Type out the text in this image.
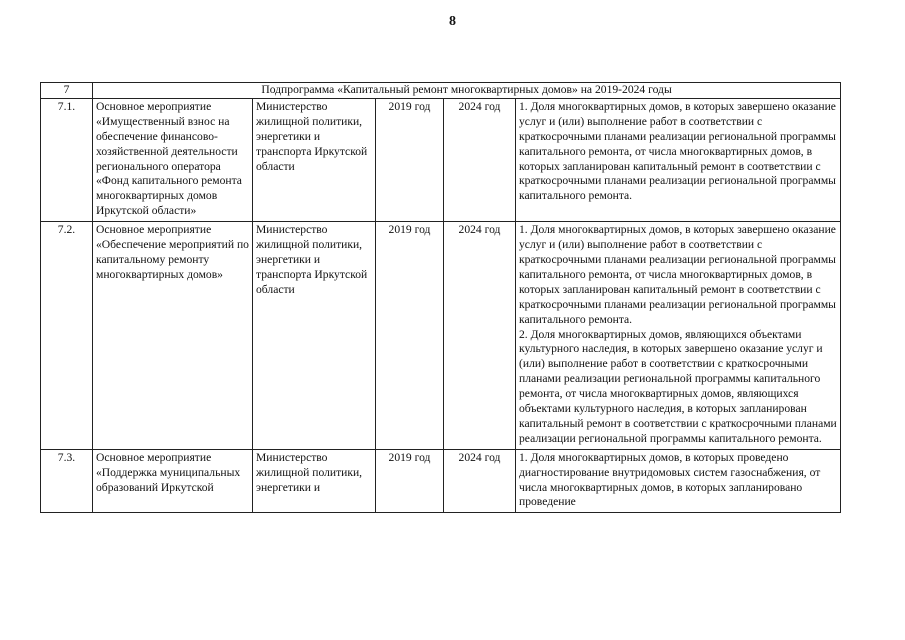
8
7	Подпрограмма «Капитальный ремонт многоквартирных домов» на 2019-2024 годы				
7.1.	Основное мероприятие «Имущественный взнос на обеспечение финансово-хозяйственной деятельности регионального оператора «Фонд капитального ремонта многоквартирных домов Иркутской области»	Министерство жилищной политики, энергетики и транспорта Иркутской области	2019 год	2024 год	1. Доля многоквартирных домов, в которых завершено оказание услуг и (или) выполнение работ в соответствии с краткосрочными планами реализации региональной программы капитального ремонта, от числа многоквартирных домов, в которых запланирован капитальный ремонт в соответствии с краткосрочными планами реализации региональной программы капитального ремонта.

7.2.	Основное мероприятие «Обеспечение мероприятий по капитальному ремонту многоквартирных домов»	Министерство жилищной политики, энергетики и транспорта Иркутской области	2019 год	2024 год	1. Доля многоквартирных домов, в которых завершено оказание услуг и (или) выполнение работ в соответствии с краткосрочными планами реализации региональной программы капитального ремонта, от числа многоквартирных домов, в которых запланирован капитальный ремонт в соответствии с краткосрочными планами реализации региональной программы капитального ремонта.
2. Доля многоквартирных домов, являющихся объектами культурного наследия, в которых завершено оказание услуг и (или) выполнение работ в соответствии с краткосрочными планами реализации региональной программы капитального ремонта, от числа многоквартирных домов, являющихся объектами культурного наследия, в которых запланирован капитальный ремонт в соответствии с краткосрочными планами реализации региональной программы капитального ремонта.

7.3.	Основное мероприятие «Поддержка муниципальных образований Иркутской	Министерство жилищной политики, энергетики и	2019 год	2024 год	1. Доля многоквартирных домов, в которых проведено диагностирование внутридомовых систем газоснабжения, от числа многоквартирных домов, в которых запланировано проведение
